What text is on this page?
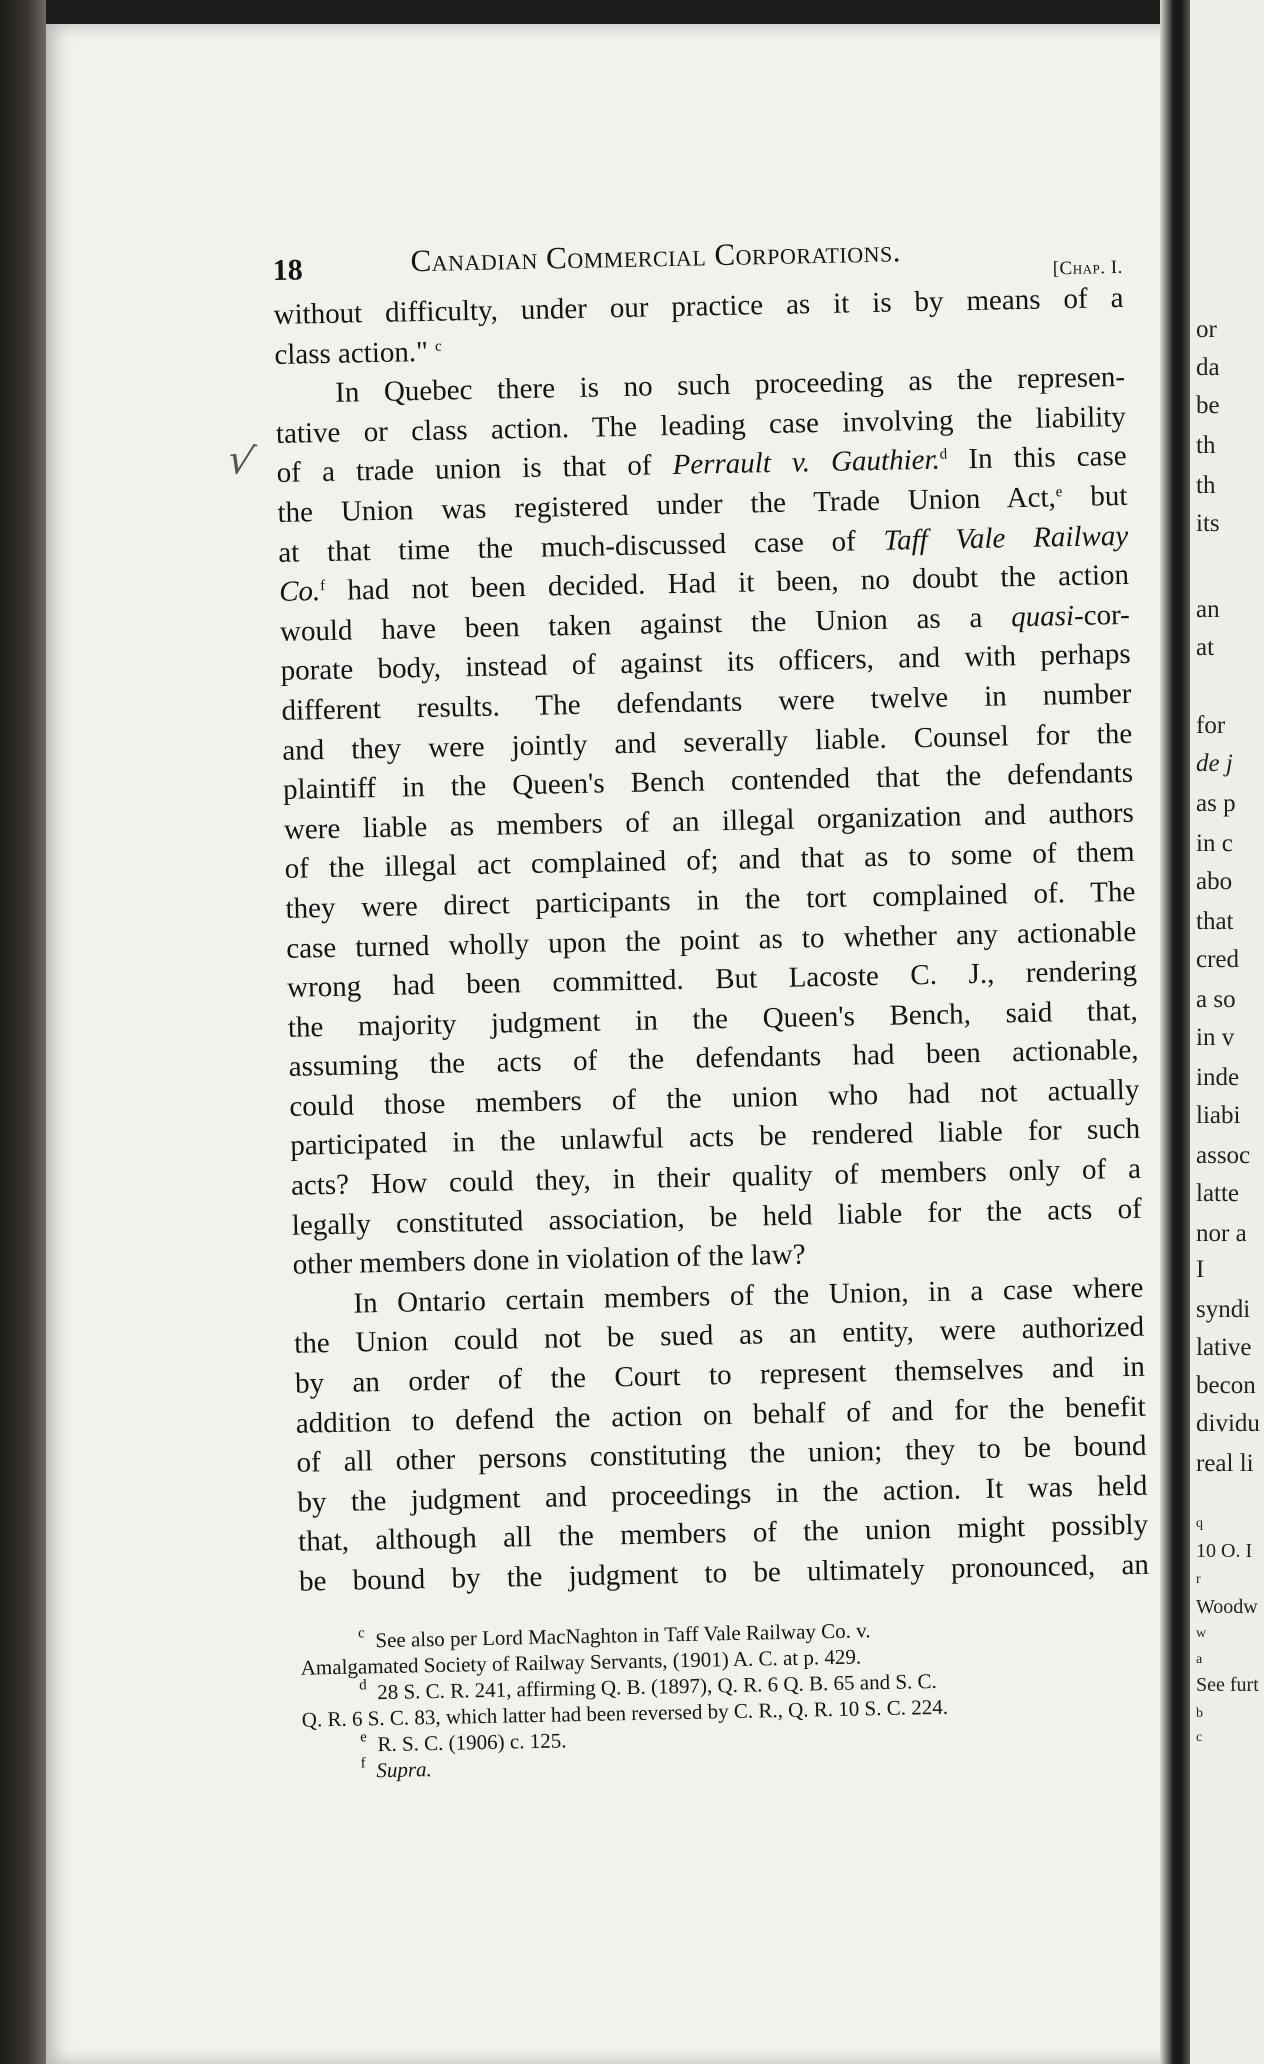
or
da
be
th
th
its
an
at
for
de j
as p
in c
abo
that
cred
a so
in v
inde
liabi
assoc
latte
nor a
I
syndi
lative
becon
dividu
real li
q
10 O. I
r
Woodw
w
a
See furt
b
c
√
18	Canadian Commercial Corporations.	[Chap. I.
without difficulty, under our practice as it is by means of a
class action." $^c$
In Quebec there is no such proceeding as the represen-
tative or class action. The leading case involving the liability
of a trade union is that of Perrault v. Gauthier.$^d$ In this case
the Union was registered under the Trade Union Act,$^e$ but
at that time the much-discussed case of Taff Vale Railway
Co.$^f$ had not been decided. Had it been, no doubt the action
would have been taken against the Union as a quasi-cor-
porate body, instead of against its officers, and with perhaps
different results. The defendants were twelve in number
and they were jointly and severally liable. Counsel for the
plaintiff in the Queen's Bench contended that the defendants
were liable as members of an illegal organization and authors
of the illegal act complained of; and that as to some of them
they were direct participants in the tort complained of. The
case turned wholly upon the point as to whether any actionable
wrong had been committed. But Lacoste C. J., rendering
the majority judgment in the Queen's Bench, said that,
assuming the acts of the defendants had been actionable,
could those members of the union who had not actually
participated in the unlawful acts be rendered liable for such
acts? How could they, in their quality of members only of a
legally constituted association, be held liable for the acts of
other members done in violation of the law?
In Ontario certain members of the Union, in a case where
the Union could not be sued as an entity, were authorized
by an order of the Court to represent themselves and in
addition to defend the action on behalf of and for the benefit
of all other persons constituting the union; they to be bound
by the judgment and proceedings in the action. It was held
that, although all the members of the union might possibly
be bound by the judgment to be ultimately pronounced, an
$^c$ See also per Lord MacNaghton in Taff Vale Railway Co. v.
Amalgamated Society of Railway Servants, (1901) A. C. at p. 429.
$^d$ 28 S. C. R. 241, affirming Q. B. (1897), Q. R. 6 Q. B. 65 and S. C.
Q. R. 6 S. C. 83, which latter had been reversed by C. R., Q. R. 10 S. C. 224.
$^e$ R. S. C. (1906) c. 125.
$^f$ Supra.
